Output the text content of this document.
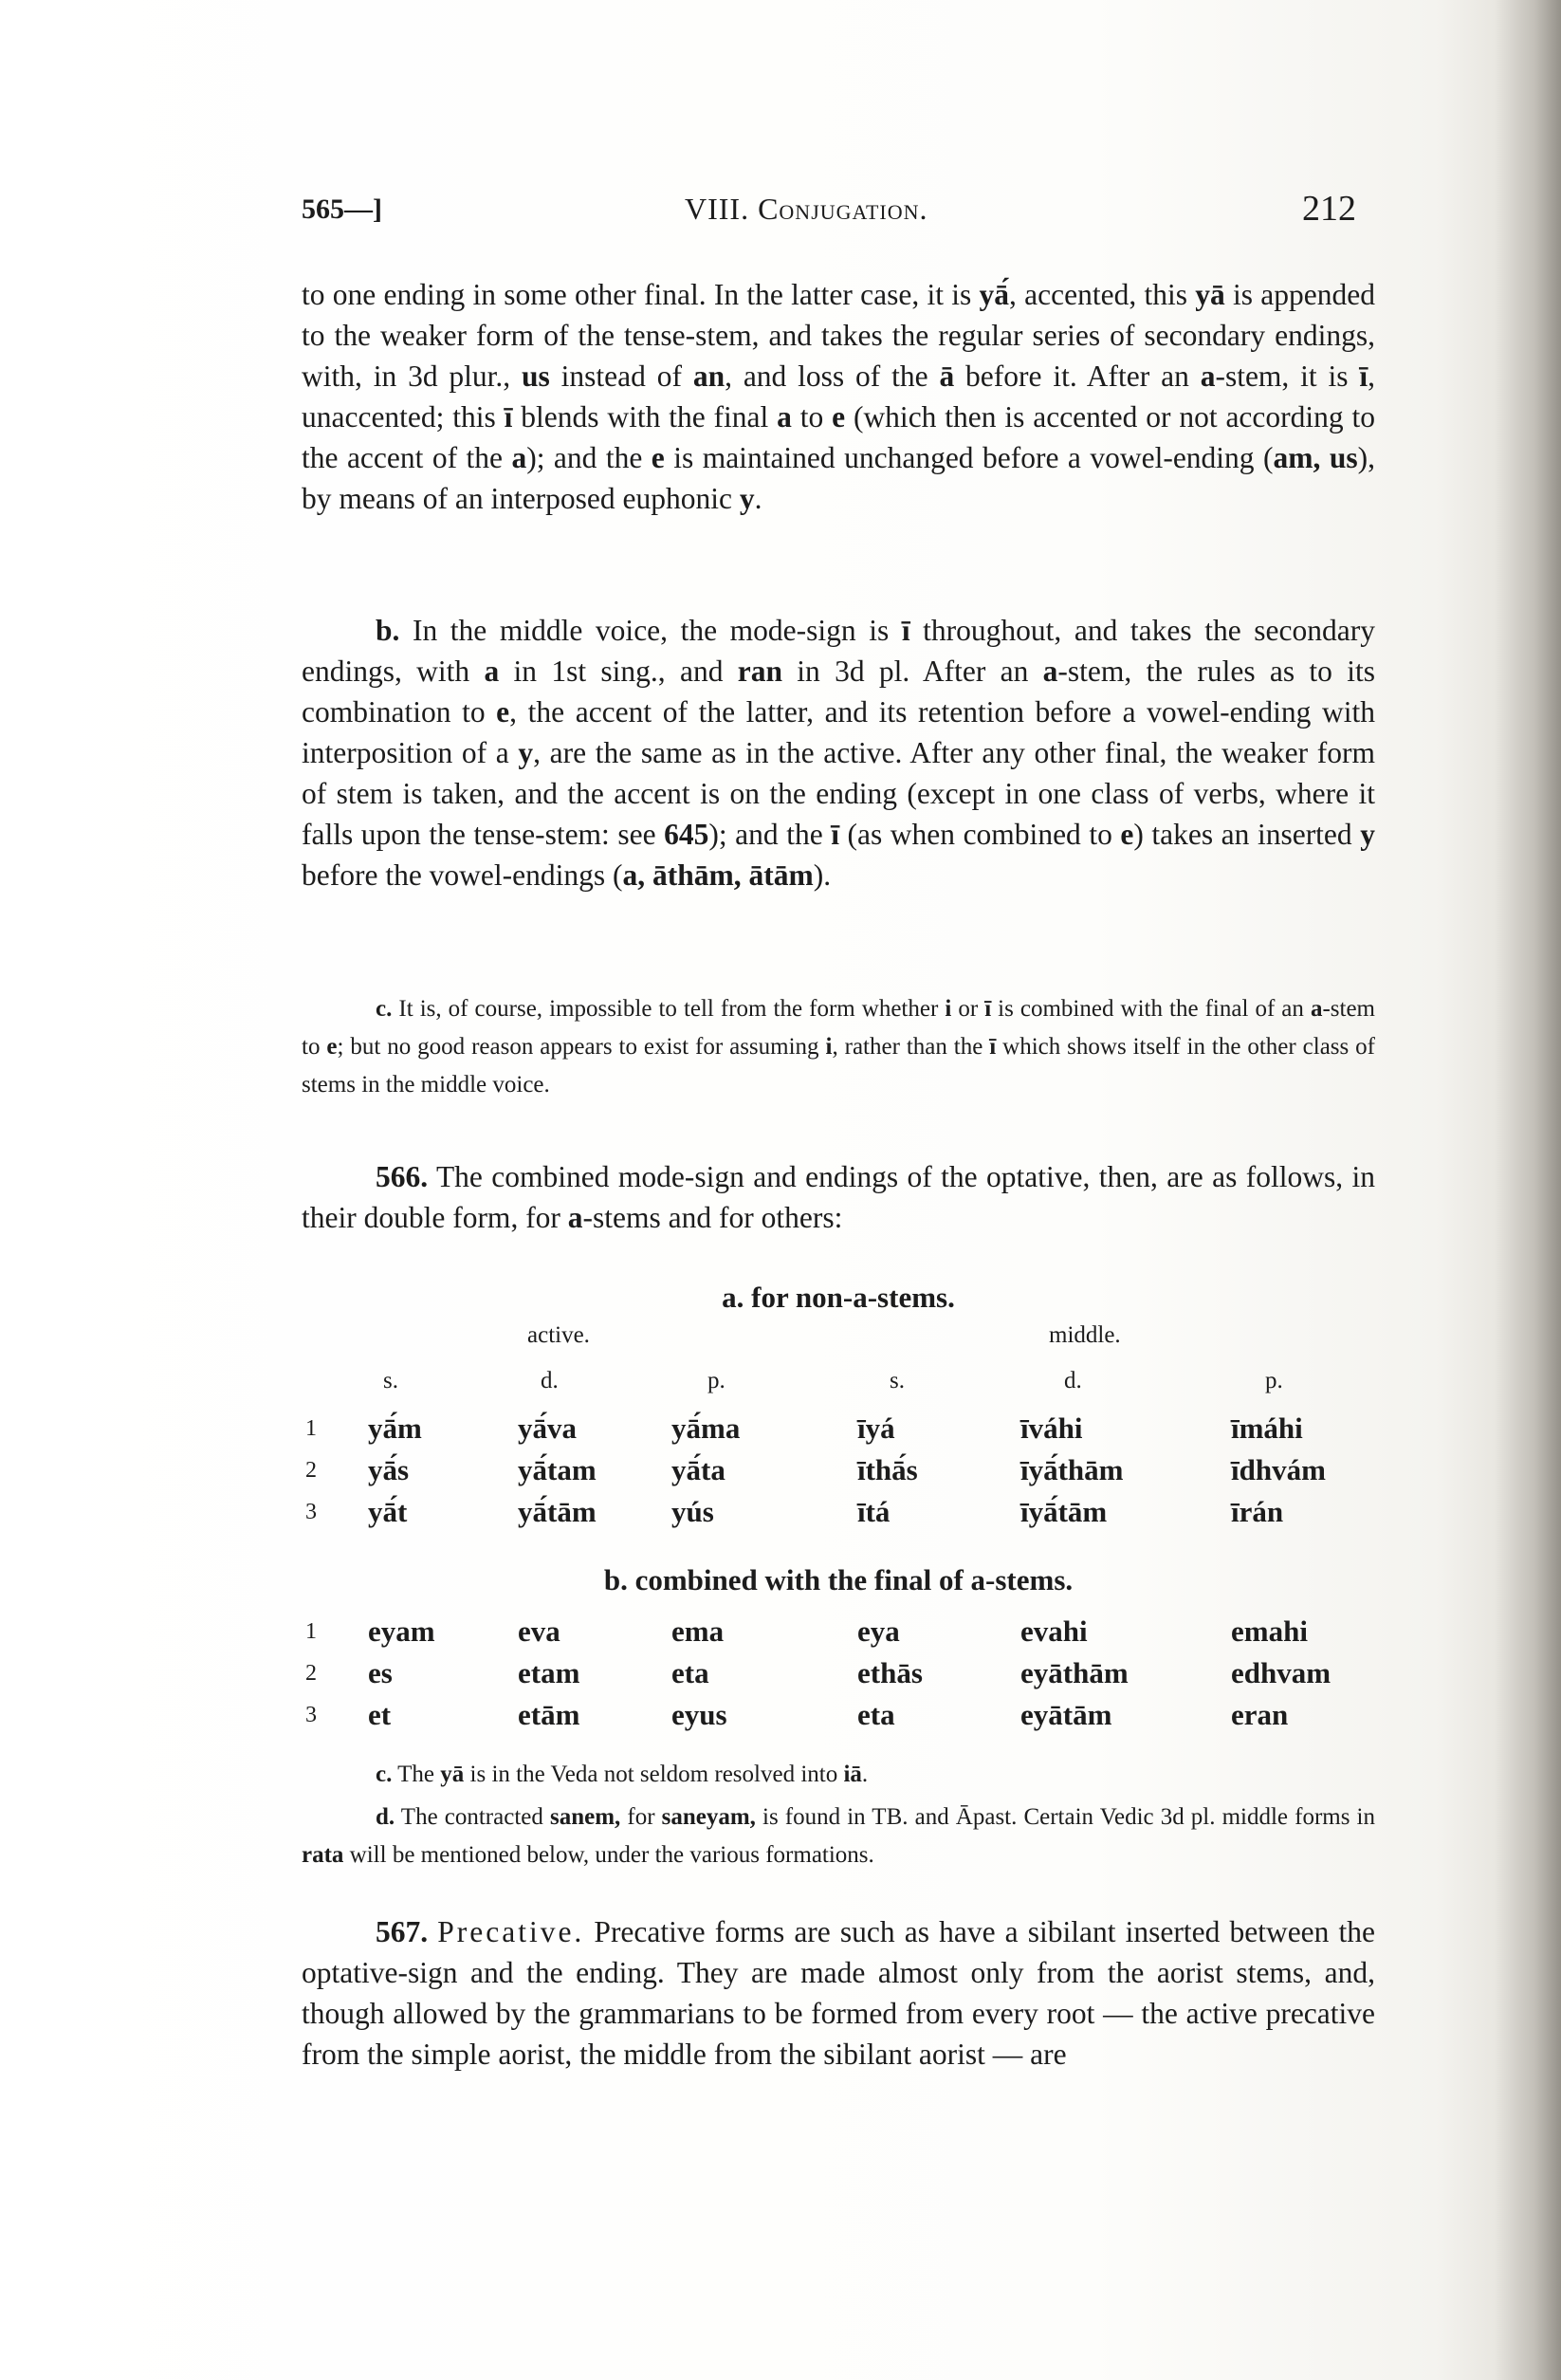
565—]	VIII. Conjugation.	212

to one ending in some other final. In the latter case, it is yā́, accented, this yā is appended to the weaker form of the tense-stem, and takes the regular series of secondary endings, with, in 3d plur., us instead of an, and loss of the ā before it. After an a-stem, it is ī, unaccented; this ī blends with the final a to e (which then is accented or not according to the accent of the a); and the e is maintained unchanged before a vowel-ending (am, us), by means of an interposed euphonic y.

b. In the middle voice, the mode-sign is ī throughout, and takes the secondary endings, with a in 1st sing., and ran in 3d pl. After an a-stem, the rules as to its combination to e, the accent of the latter, and its retention before a vowel-ending with interposition of a y, are the same as in the active. After any other final, the weaker form of stem is taken, and the accent is on the ending (except in one class of verbs, where it falls upon the tense-stem: see 645); and the ī (as when combined to e) takes an inserted y before the vowel-endings (a, āthām, ātām).

c. It is, of course, impossible to tell from the form whether i or ī is combined with the final of an a-stem to e; but no good reason appears to exist for assuming i, rather than the ī which shows itself in the other class of stems in the middle voice.

566. The combined mode-sign and endings of the optative, then, are as follows, in their double form, for a-stems and for others:

a. for non-a-stems.
active.	middle.
s.	d.	p.	s.	d.	p.
1	yā́m	yā́va	yā́ma	īyá	īváhi	īmáhi
2	yā́s	yā́tam	yā́ta	īthā́s	īyā́thām	īdhvám
3	yā́t	yā́tām	yús	ītá	īyā́tām	īrán
b. combined with the final of a-stems.
1	eyam	eva	ema	eya	evahi	emahi
2	es	etam	eta	ethās	eyāthām	edhvam
3	et	etām	eyus	eta	eyātām	eran

c. The yā is in the Veda not seldom resolved into iā.

d. The contracted sanem, for saneyam, is found in TB. and Āpast. Certain Vedic 3d pl. middle forms in rata will be mentioned below, under the various formations.

567. Precative. Precative forms are such as have a sibilant inserted between the optative-sign and the ending. They are made almost only from the aorist stems, and, though allowed by the grammarians to be formed from every root — the active precative from the simple aorist, the middle from the sibilant aorist — are
